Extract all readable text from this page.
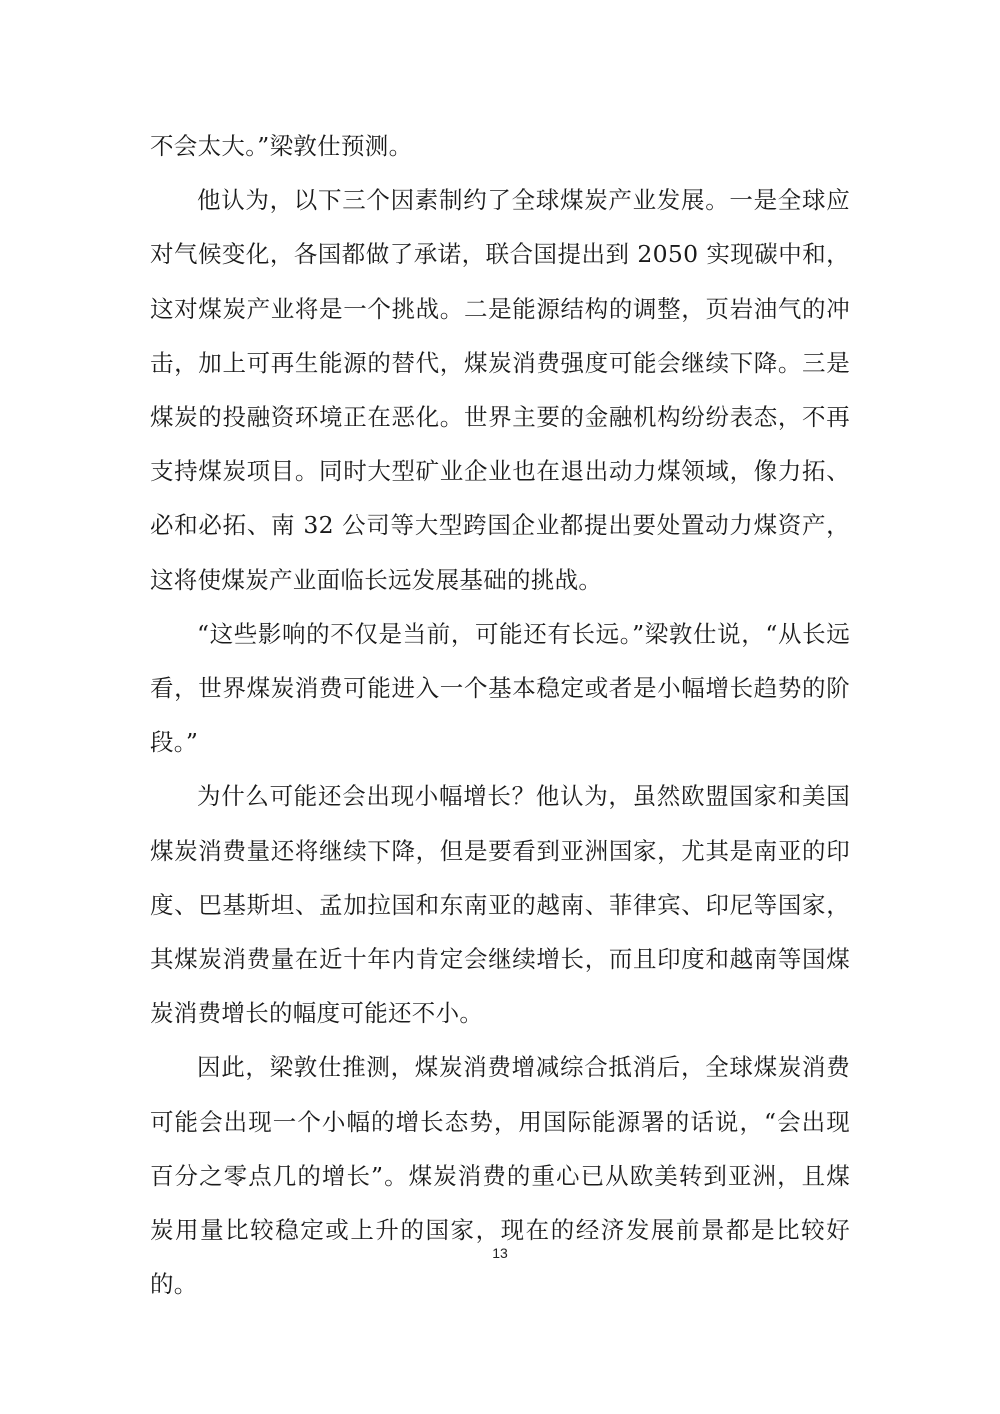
不会太大。”梁敦仕预测。

他认为，以下三个因素制约了全球煤炭产业发展。一是全球应对气候变化，各国都做了承诺，联合国提出到 2050 实现碳中和，这对煤炭产业将是一个挑战。二是能源结构的调整，页岩油气的冲击，加上可再生能源的替代，煤炭消费强度可能会继续下降。三是煤炭的投融资环境正在恶化。世界主要的金融机构纷纷表态，不再支持煤炭项目。同时大型矿业企业也在退出动力煤领域，像力拓、必和必拓、南 32 公司等大型跨国企业都提出要处置动力煤资产，这将使煤炭产业面临长远发展基础的挑战。

“这些影响的不仅是当前，可能还有长远。”梁敦仕说，“从长远看，世界煤炭消费可能进入一个基本稳定或者是小幅增长趋势的阶段。”

为什么可能还会出现小幅增长？他认为，虽然欧盟国家和美国煤炭消费量还将继续下降，但是要看到亚洲国家，尤其是南亚的印度、巴基斯坦、孟加拉国和东南亚的越南、菲律宾、印尼等国家，其煤炭消费量在近十年内肯定会继续增长，而且印度和越南等国煤炭消费增长的幅度可能还不小。

因此，梁敦仕推测，煤炭消费增减综合抵消后，全球煤炭消费可能会出现一个小幅的增长态势，用国际能源署的话说，“会出现百分之零点几的增长”。煤炭消费的重心已从欧美转到亚洲，且煤炭用量比较稳定或上升的国家，现在的经济发展前景都是比较好的。

13
